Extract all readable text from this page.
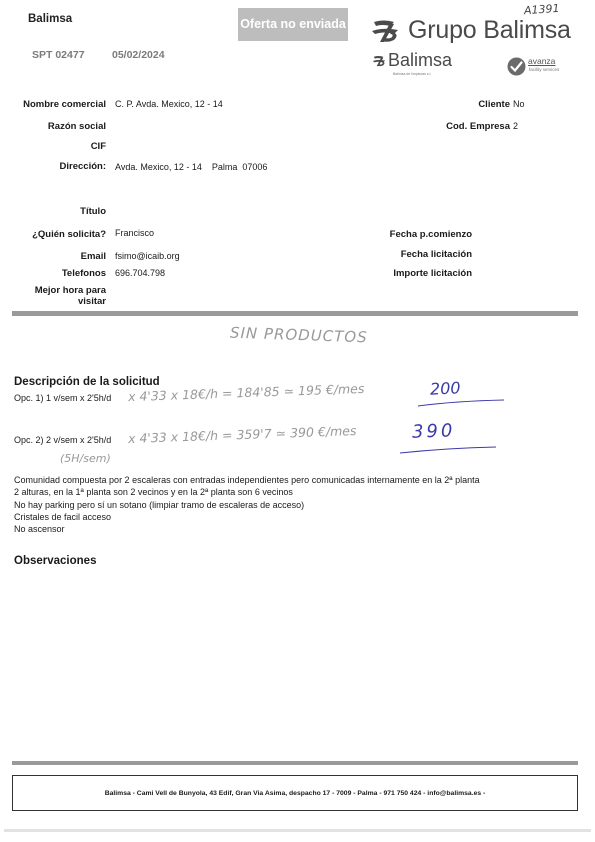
Balimsa
SPT 02477	05/02/2024
Oferta no enviada Grupo Balimsa
Balimsa
Balimsa de limpiezas s.l.
avanza
facility services
A1391
Nombre comercial C. P. Avda. Mexico, 12 - 14
Razón social
CIF
Dirección: Avda. Mexico, 12 - 14    Palma  07006
Título
¿Quién solicita? Francisco
Email fsimo@icaib.org
Telefonos 696.704.798
Mejor hora para
visitar
Cliente No
Cod. Empresa 2
Fecha p.comienzo
Fecha licitación
Importe licitación
SIN PRODUCTOS
Descripción de la solicitud
Opc. 1) 1 v/sem x 2'5h/d x 4'33 x 18€/h = 184'85 ≃ 195 €/mes	200
Opc. 2) 2 v/sem x 2'5h/d x 4'33 x 18€/h = 359'7 ≃ 390 €/mes	390
(5H/sem)
Comunidad compuesta por 2 escaleras con entradas independientes pero comunicadas internamente en la 2ª planta
2 alturas, en la 1ª planta son 2 vecinos y en la 2ª planta son 6 vecinos
No hay parking pero sí un sotano (limpiar tramo de escaleras de acceso)
Cristales de facil acceso
No ascensor
Observaciones
Balimsa - Cami Vell de Bunyola, 43 Edif, Gran Via Asima, despacho 17 - 7009 - Palma - 971 750 424 - info@balimsa.es -
